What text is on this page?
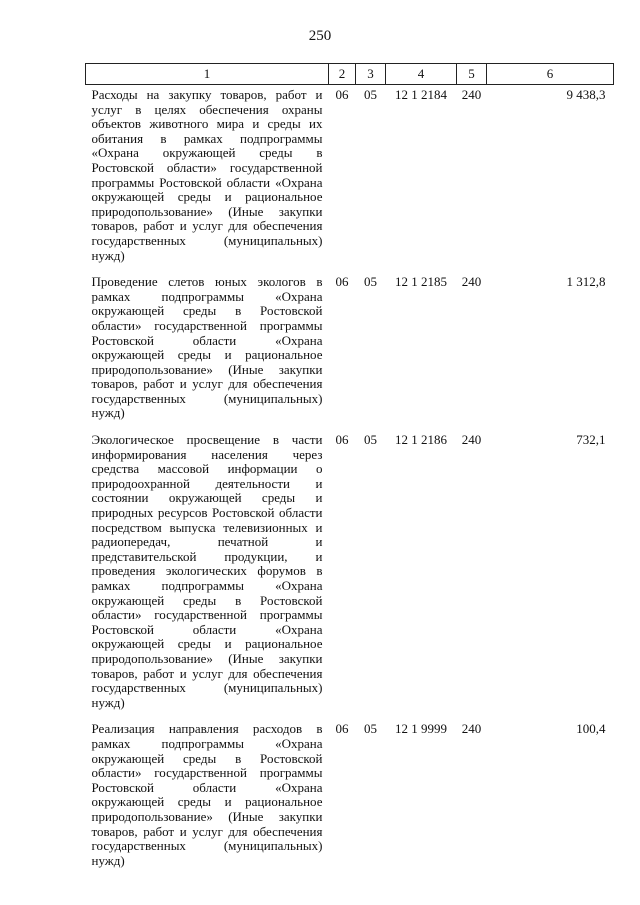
250
1	2	3	4	5	6
Расходы на закупку товаров, работ и услуг в целях обеспечения охраны объектов животного мира и среды их обитания в рамках подпрограммы «Охрана окружающей среды в Ростовской области» государственной программы Ростовской области «Охрана окружающей среды и рациональное природопользование» (Иные закупки товаров, работ и услуг для обеспечения государственных (муниципальных) нужд)	06	05	12 1 2184	240	9 438,3
Проведение слетов юных экологов в рамках подпрограммы «Охрана окружающей среды в Ростовской области» государственной программы Ростовской области «Охрана окружающей среды и рациональное природопользование» (Иные закупки товаров, работ и услуг для обеспечения государственных (муниципальных) нужд)	06	05	12 1 2185	240	1 312,8
Экологическое просвещение в части информирования населения через средства массовой информации о природоохранной деятельности и состоянии окружающей среды и природных ресурсов Ростовской области посредством выпуска телевизионных и радиопередач, печатной и представительской продукции, и проведения экологических форумов в рамках подпрограммы «Охрана окружающей среды в Ростовской области» государственной программы Ростовской области «Охрана окружающей среды и рациональное природопользование» (Иные закупки товаров, работ и услуг для обеспечения государственных (муниципальных) нужд)	06	05	12 1 2186	240	732,1
Реализация направления расходов в рамках подпрограммы «Охрана окружающей среды в Ростовской области» государственной программы Ростовской области «Охрана окружающей среды и рациональное природопользование» (Иные закупки товаров, работ и услуг для обеспечения государственных (муниципальных) нужд)	06	05	12 1 9999	240	100,4
